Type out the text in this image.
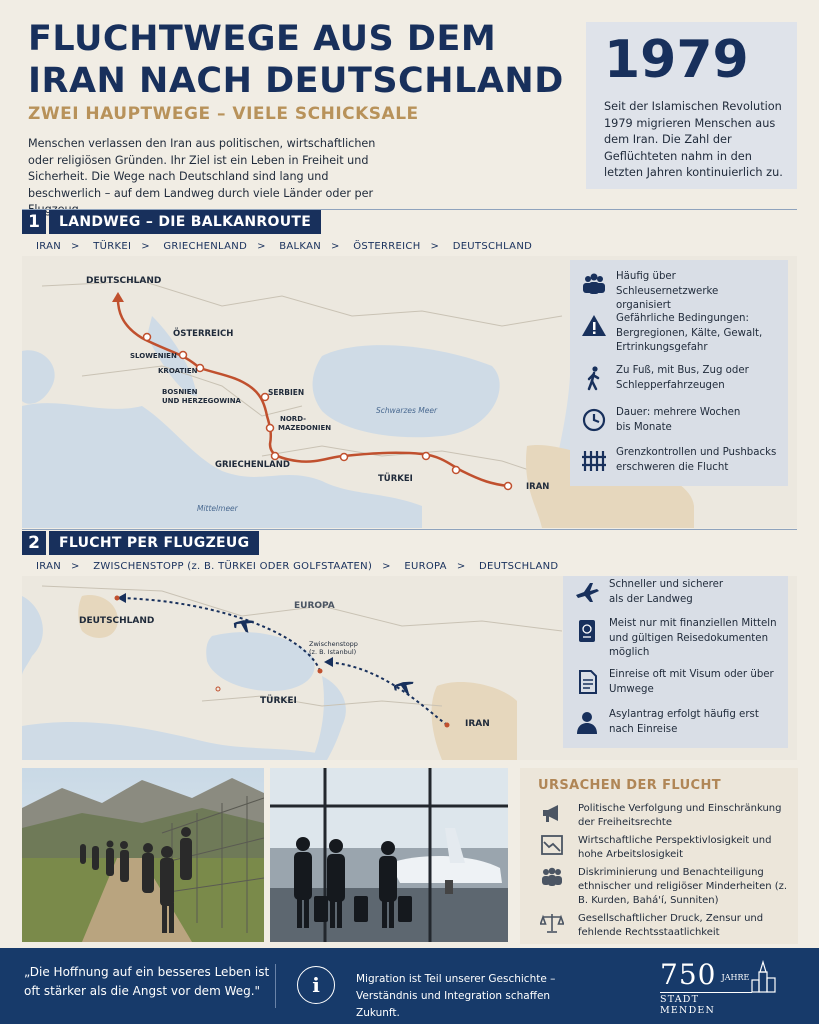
FLUCHTWEGE AUS DEM IRAN NACH DEUTSCHLAND
ZWEI HAUPTWEGE – VIELE SCHICKSALE
Menschen verlassen den Iran aus politischen, wirtschaftlichen oder religiösen Gründen. Ihr Ziel ist ein Leben in Freiheit und Sicherheit. Die Wege nach Deutschland sind lang und beschwerlich – auf dem Landweg durch viele Länder oder per
1979
Seit der Islamischen Revolution 1979 migrieren Menschen aus dem Iran. Die Zahl der Geflüchteten nahm in den letzten Jahren kontinuierlich zu.
1	LANDWEG – DIE BALKANROUTE
IRAN > TÜRKEI > GRIECHENLAND > BALKAN > ÖSTERREICH > DEUTSCHLAND
DEUTSCHLAND
ÖSTERREICH
SLOWENIEN
KROATIEN
BOSNIEN
UND HERZEGOWINA
SERBIEN
NORD-
MAZEDONIEN
GRIECHENLAND
TÜRKEI
IRAN
Schwarzes Meer
Mittelmeer
Häufig über Schleusernetzwerke organisiert
Gefährliche Bedingungen: Bergregionen, Kälte, Gewalt, Ertrinkungsgefahr
Zu Fuß, mit Bus, Zug oder Schlepperfahrzeugen
Dauer: mehrere Wochen bis Monate
Grenzkontrollen und Pushbacks erschweren die Flucht
2	FLUCHT PER FLUGZEUG
IRAN > ZWISCHENSTOPP (z. B. TÜRKEI ODER GOLFSTAATEN) > EUROPA > DEUTSCHLAND
DEUTSCHLAND
EUROPA
Zwischenstopp
(z. B. Istanbul)
TÜRKEI
IRAN
Schneller und sicherer als der Landweg
Meist nur mit finanziellen Mitteln und gültigen Reisedokumenten möglich
Einreise oft mit Visum oder über Umwege
Asylantrag erfolgt häufig erst nach Einreise
URSACHEN DER FLUCHT
Politische Verfolgung und Einschränkung der Freiheitsrechte
Wirtschaftliche Perspektivlosigkeit und hohe Arbeitslosigkeit
Diskriminierung und Benachteiligung ethnischer und religiöser Minderheiten (z. B. Kurden, Bahá'í, Sunniten)
Gesellschaftlicher Druck, Zensur und fehlende Rechtsstaatlichkeit
„Die Hoffnung auf ein besseres Leben ist oft stärker als die Angst vor dem Weg."	i	Migration ist Teil unserer Geschichte – Verständnis und Integration schaffen Zukunft.
750 $^{JAHRE}$
STADT MENDEN
